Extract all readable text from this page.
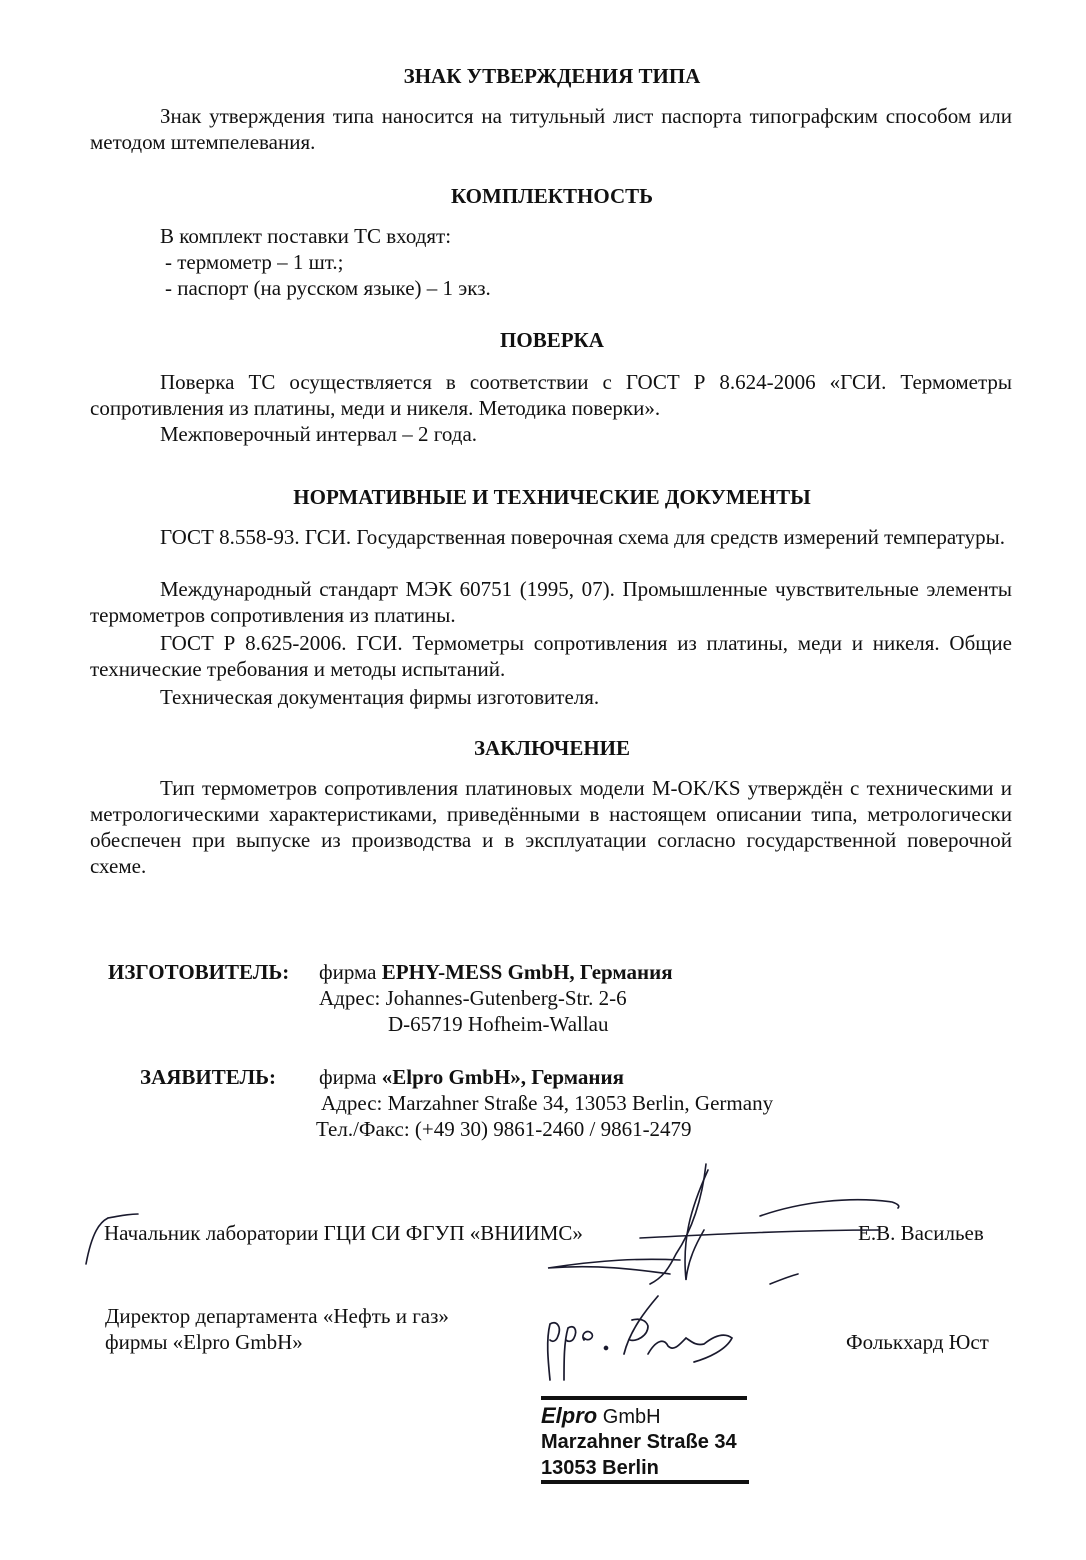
ЗНАК УТВЕРЖДЕНИЯ ТИПА
Знак утверждения типа наносится на титульный лист паспорта типографским способом или методом штемпелевания.
КОМПЛЕКТНОСТЬ
В комплект поставки ТС входят:
- термометр – 1 шт.;
- паспорт (на русском языке) – 1 экз.
ПОВЕРКА
Поверка ТС осуществляется в соответствии с ГОСТ Р 8.624-2006 «ГСИ. Термометры сопротивления из платины, меди и никеля. Методика поверки».
Межповерочный интервал – 2 года.
НОРМАТИВНЫЕ И ТЕХНИЧЕСКИЕ ДОКУМЕНТЫ
ГОСТ 8.558-93. ГСИ. Государственная поверочная схема для средств измерений температуры.
Международный стандарт МЭК 60751 (1995, 07). Промышленные чувствительные элементы термометров сопротивления из платины.
ГОСТ Р 8.625-2006. ГСИ. Термометры сопротивления из платины, меди и никеля. Общие технические требования и методы испытаний.
Техническая документация фирмы изготовителя.
ЗАКЛЮЧЕНИЕ
Тип термометров сопротивления платиновых модели M-OK/KS утверждён с техническими и метрологическими характеристиками, приведёнными в настоящем описании типа, метрологически обеспечен при выпуске из производства и в эксплуатации согласно государственной поверочной схеме.
ИЗГОТОВИТЕЛЬ: фирма EPHY-MESS GmbH, Германия
Адрес: Johannes-Gutenberg-Str. 2-6
D-65719 Hofheim-Wallau
ЗАЯВИТЕЛЬ: фирма «Elpro GmbH», Германия
Адрес: Marzahner Straße 34, 13053 Berlin, Germany
Тел./Факс: (+49 30) 9861-2460 / 9861-2479
Начальник лаборатории ГЦИ СИ ФГУП «ВНИИМС»	Е.В. Васильев
Директор департамента «Нефть и газ»
фирмы «Elpro GmbH»	Фолькхард Юст
Elpro GmbH
Marzahner Straße 34
13053 Berlin
